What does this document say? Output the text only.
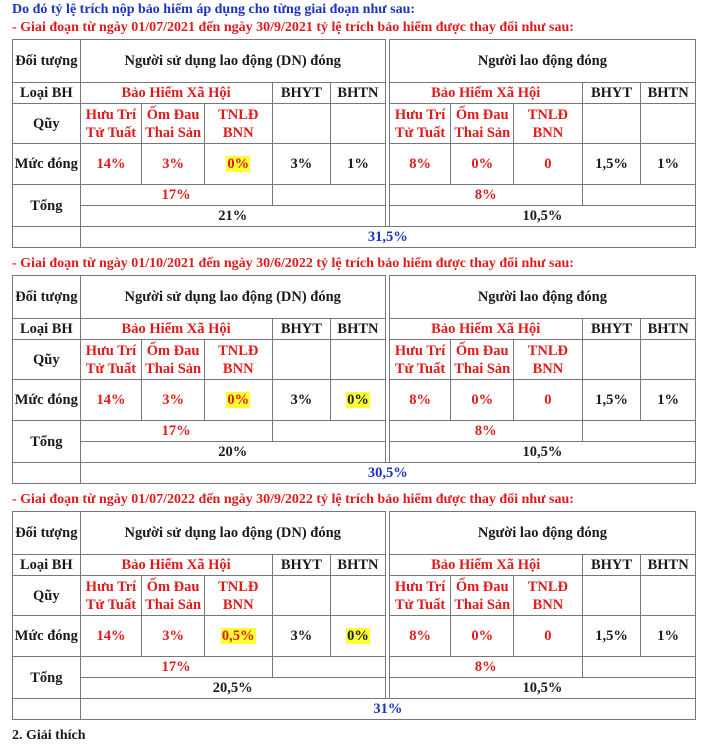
Do đó tỷ lệ trích nộp bảo hiểm áp dụng cho từng giai đoạn như sau:
- Giai đoạn từ ngày 01/07/2021 đến ngày 30/9/2021 tỷ lệ trích bảo hiểm được thay đổi như sau:
Đối tượng	Người sử dụng lao động (DN) đóng						Người lao động đóng				
Loại BH	Bảo Hiểm Xã Hội			BHYT	BHTN		Bảo Hiểm Xã Hội			BHYT	BHTN
Qũy	Hưu Trí Tử Tuất	Ốm Đau Thai Sản	TNLĐ BNN				Hưu Trí Tử Tuất	Ốm Đau Thai Sản	TNLĐ BNN		
Mức đóng	14%	3%	0%	3%	1%		8%	0%	0	1,5%	1%
Tổng	17%						8%				
	21%						10,5%				
	31,5%										
- Giai đoạn từ ngày 01/10/2021 đến ngày 30/6/2022 tỷ lệ trích bảo hiểm được thay đổi như sau:
Đối tượng	Người sử dụng lao động (DN) đóng						Người lao động đóng				
Loại BH	Bảo Hiểm Xã Hội			BHYT	BHTN		Bảo Hiểm Xã Hội			BHYT	BHTN
Qũy	Hưu Trí Tử Tuất	Ốm Đau Thai Sản	TNLĐ BNN				Hưu Trí Tử Tuất	Ốm Đau Thai Sản	TNLĐ BNN		
Mức đóng	14%	3%	0%	3%	0%		8%	0%	0	1,5%	1%
Tổng	17%						8%				
	20%						10,5%				
	30,5%										
- Giai đoạn từ ngày 01/07/2022 đến ngày 30/9/2022 tỷ lệ trích bảo hiểm được thay đổi như sau:
Đối tượng	Người sử dụng lao động (DN) đóng						Người lao động đóng				
Loại BH	Bảo Hiểm Xã Hội			BHYT	BHTN		Bảo Hiểm Xã Hội			BHYT	BHTN
Qũy	Hưu Trí Tử Tuất	Ốm Đau Thai Sản	TNLĐ BNN				Hưu Trí Tử Tuất	Ốm Đau Thai Sản	TNLĐ BNN		
Mức đóng	14%	3%	0,5%	3%	0%		8%	0%	0	1,5%	1%
Tổng	17%						8%				
	20,5%						10,5%				
	31%										
2. Giải thích
